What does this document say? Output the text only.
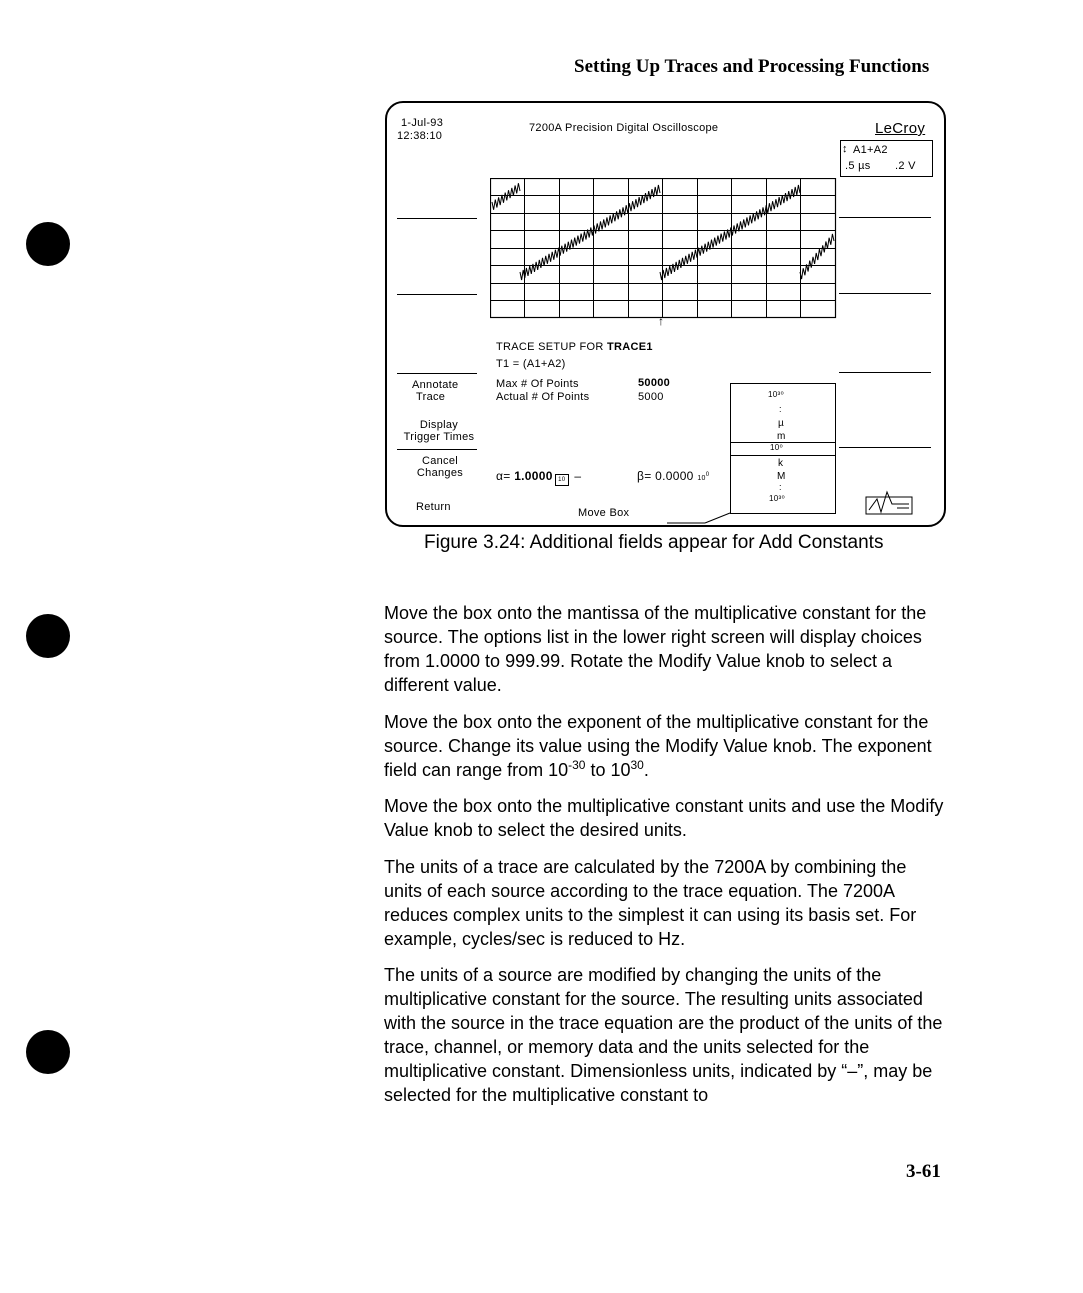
Setting Up Traces and Processing Functions
1-Jul-93
12:38:10
7200A Precision Digital Oscilloscope	LeCroy
↕ A1+A2
.5 µs .2 V
↑
TRACE SETUP FOR TRACE1
T1 = (A1+A2)
Max # Of Points	50000
Actual # Of Points	5000
Annotate
Trace
Display
Trigger Times
Cancel
Changes
Return
α= 1.0000 10 –	β= 0.0000 $10^0$
Move Box
10³⁰
:
µ
m
10⁰
k
M
:
10³⁰
Figure 3.24: Additional fields appear for Add Constants

Move the box onto the mantissa of the multiplicative constant for the source. The options list in the lower right screen will display choices from 1.0000 to 999.99. Rotate the Modify Value knob to select a different value.

Move the box onto the exponent of the multiplicative constant for the source. Change its value using the Modify Value knob. The exponent field can range from $10^{-30}$ to $10^{30}$.

Move the box onto the multiplicative constant units and use the Modify Value knob to select the desired units.

The units of a trace are calculated by the 7200A by combining the units of each source according to the trace equation. The 7200A reduces complex units to the simplest it can using its basis set. For example, cycles/sec is reduced to Hz.

The units of a source are modified by changing the units of the multiplicative constant for the source. The resulting units associated with the source in the trace equation are the product of the units of the trace, channel, or memory data and the units selected for the multiplicative constant. Dimensionless units, indicated by “–”, may be selected for the multiplicative constant to

3-61
